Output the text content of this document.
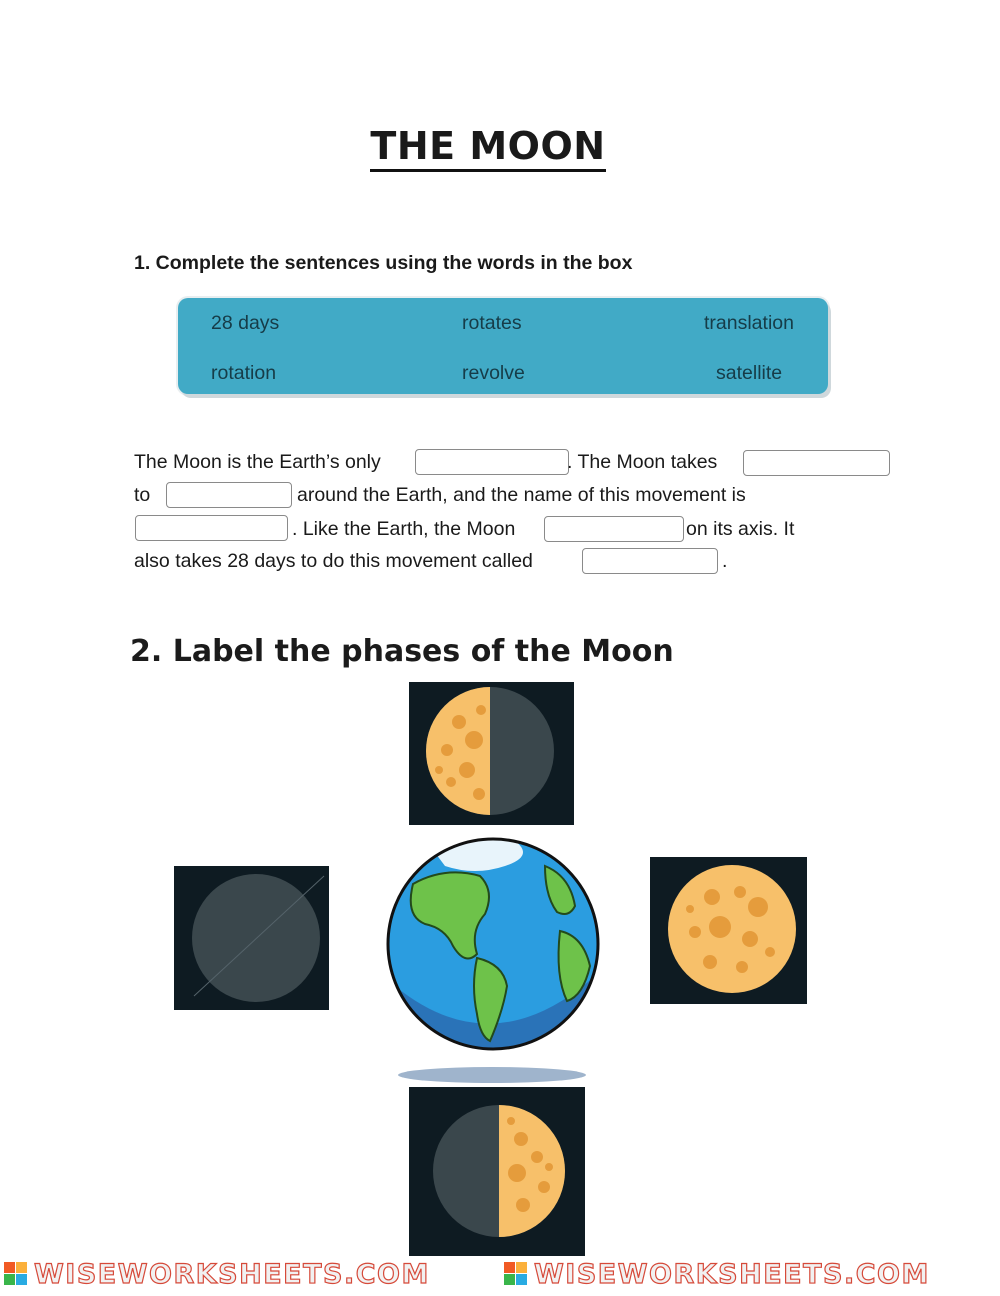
THE MOON
1. Complete the sentences using the words in the box
28 days	rotates	translation
rotation	revolve	satellite
The Moon is the Earth’s only	. The Moon takes
to	around the Earth, and the name of this movement is
. Like the Earth, the Moon	on its axis. It
also takes 28 days to do this movement called	.
2. Label the phases of the Moon
WISEWORKSHEETS.COM	WISEWORKSHEETS.COM
